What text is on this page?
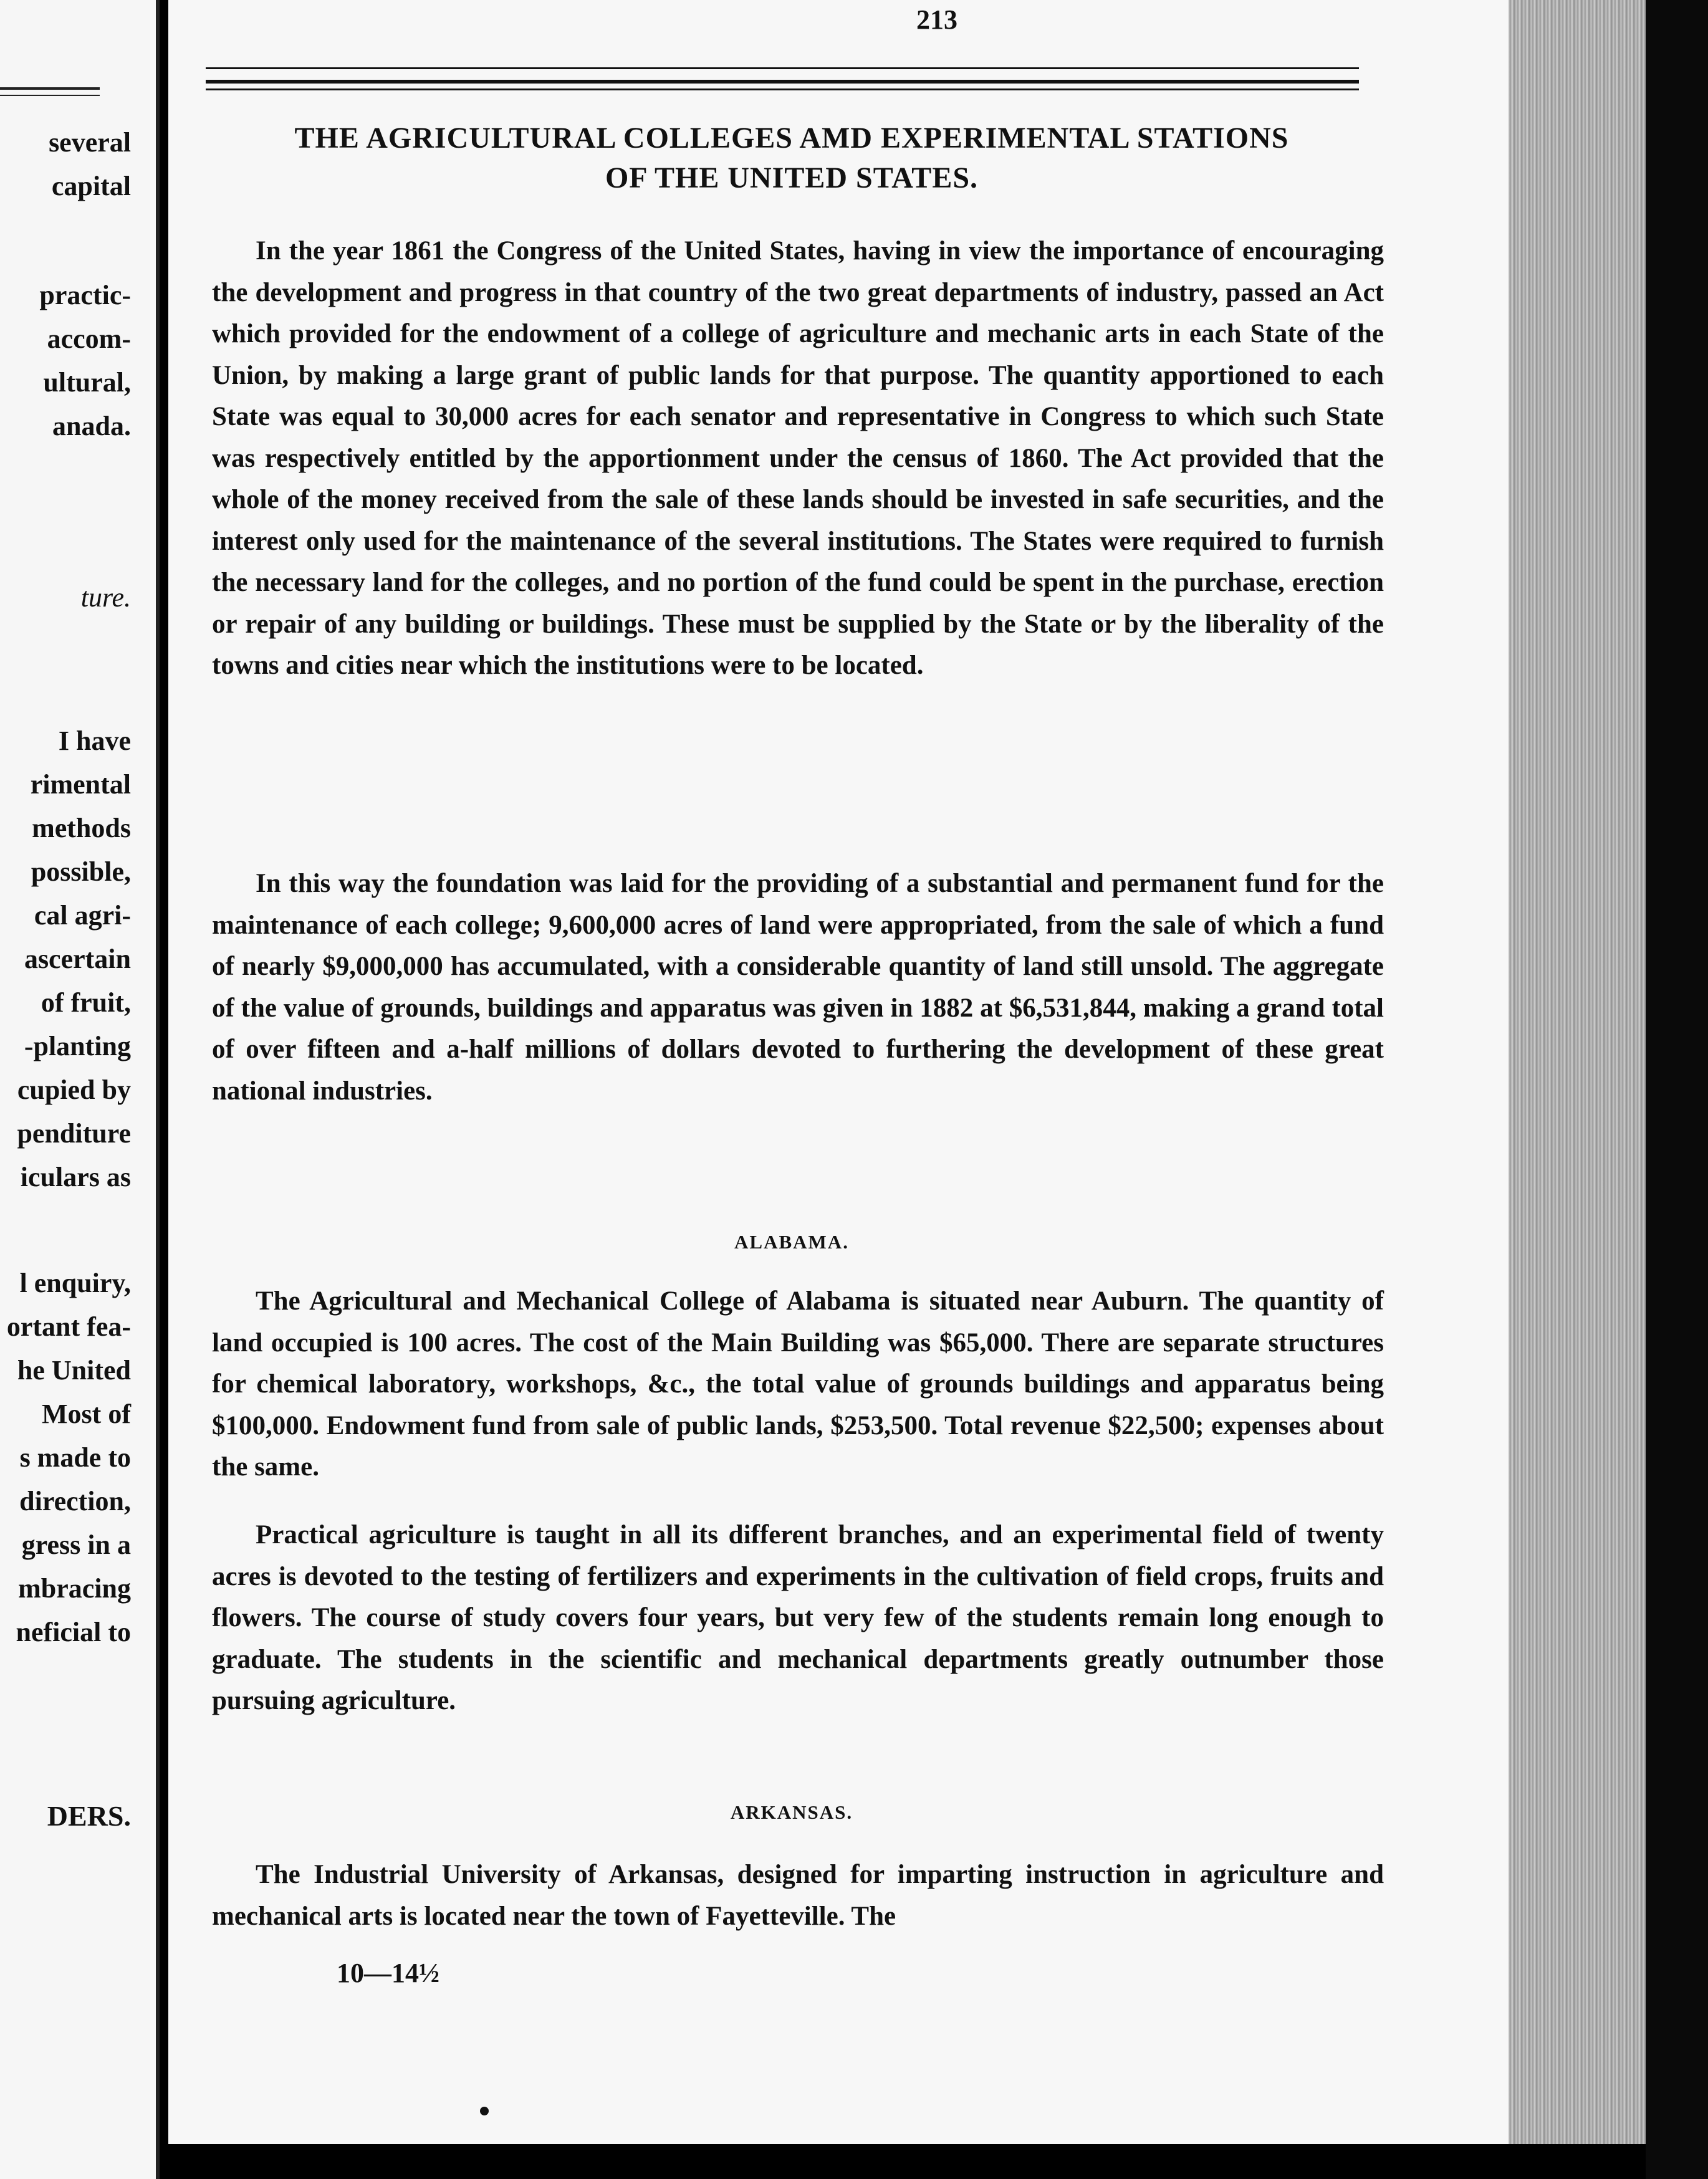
several
capital
practic-
accom-
ultural,
anada.
ture.
I have
rimental
methods
possible,
cal agri-
ascertain
of fruit,
-planting
cupied by
penditure
iculars as
l enquiry,
ortant fea-
he United
Most of
s made to
direction,
gress in a
mbracing
neficial to
DERS.
213
THE AGRICULTURAL COLLEGES AMD EXPERIMENTAL STATIONS
OF THE UNITED STATES.
In the year 1861 the Congress of the United States, having in view the importance of encouraging the development and progress in that country of the two great departments of industry, passed an Act which provided for the endowment of a college of agriculture and mechanic arts in each State of the Union, by making a large grant of public lands for that purpose. The quantity apportioned to each State was equal to 30,000 acres for each senator and representative in Congress to which such State was respectively entitled by the apportionment under the census of 1860. The Act provided that the whole of the money received from the sale of these lands should be invested in safe securities, and the interest only used for the maintenance of the several institutions. The States were required to furnish the necessary land for the colleges, and no portion of the fund could be spent in the purchase, erection or repair of any building or buildings. These must be supplied by the State or by the liberality of the towns and cities near which the institutions were to be located.
In this way the foundation was laid for the providing of a substantial and permanent fund for the maintenance of each college; 9,600,000 acres of land were appropriated, from the sale of which a fund of nearly $9,000,000 has accumulated, with a considerable quantity of land still unsold. The aggregate of the value of grounds, buildings and apparatus was given in 1882 at $6,531,844, making a grand total of over fifteen and a-half millions of dollars devoted to furthering the development of these great national industries.
ALABAMA.
The Agricultural and Mechanical College of Alabama is situated near Auburn. The quantity of land occupied is 100 acres. The cost of the Main Building was $65,000. There are separate structures for chemical laboratory, workshops, &c., the total value of grounds buildings and apparatus being $100,000. Endowment fund from sale of public lands, $253,500. Total revenue $22,500; expenses about the same.
Practical agriculture is taught in all its different branches, and an experimental field of twenty acres is devoted to the testing of fertilizers and experiments in the cultivation of field crops, fruits and flowers. The course of study covers four years, but very few of the students remain long enough to graduate. The students in the scientific and mechanical departments greatly outnumber those pursuing agriculture.
ARKANSAS.
The Industrial University of Arkansas, designed for imparting instruction in agriculture and mechanical arts is located near the town of Fayetteville. The
10—14½
